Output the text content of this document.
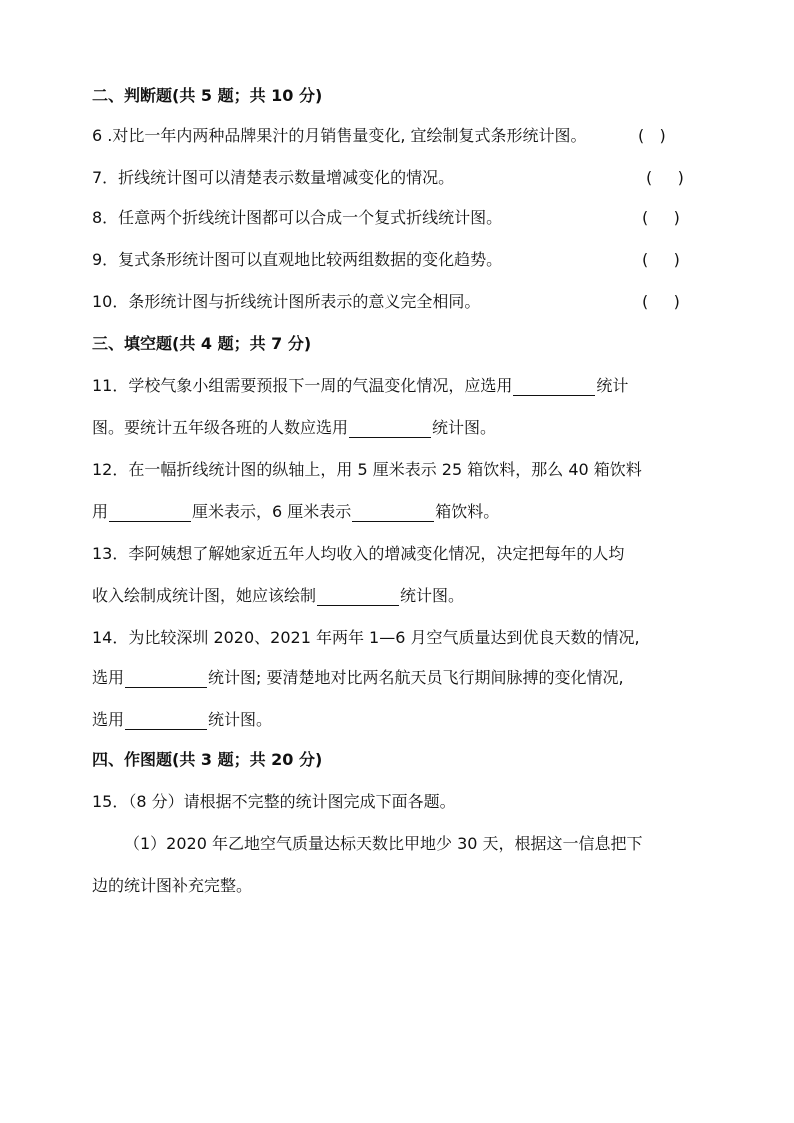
二、判断题(共 5 题；共 10 分)
6 .对比一年内两种品牌果汁的月销售量变化, 宜绘制复式条形统计图。	(   )
7．折线统计图可以清楚表示数量增减变化的情况。	(     )
8．任意两个折线统计图都可以合成一个复式折线统计图。	(     )
9．复式条形统计图可以直观地比较两组数据的变化趋势。	(     )
10．条形统计图与折线统计图所表示的意义完全相同。	(     )
三、填空题(共 4 题；共 7 分)
11．学校气象小组需要预报下一周的气温变化情况，应选用	统计
图。要统计五年级各班的人数应选用	统计图。
12．在一幅折线统计图的纵轴上，用 5 厘米表示 25 箱饮料，那么 40 箱饮料
用	厘米表示，6 厘米表示	箱饮料。
13．李阿姨想了解她家近五年人均收入的增减变化情况，决定把每年的人均
收入绘制成统计图，她应该绘制	统计图。
14．为比较深圳 2020、2021 年两年 1—6 月空气质量达到优良天数的情况,
选用	统计图; 要清楚地对比两名航天员飞行期间脉搏的变化情况,
选用	统计图。
四、作图题(共 3 题；共 20 分)
15．（8 分）请根据不完整的统计图完成下面各题。
（1）2020 年乙地空气质量达标天数比甲地少 30 天，根据这一信息把下
边的统计图补充完整。
